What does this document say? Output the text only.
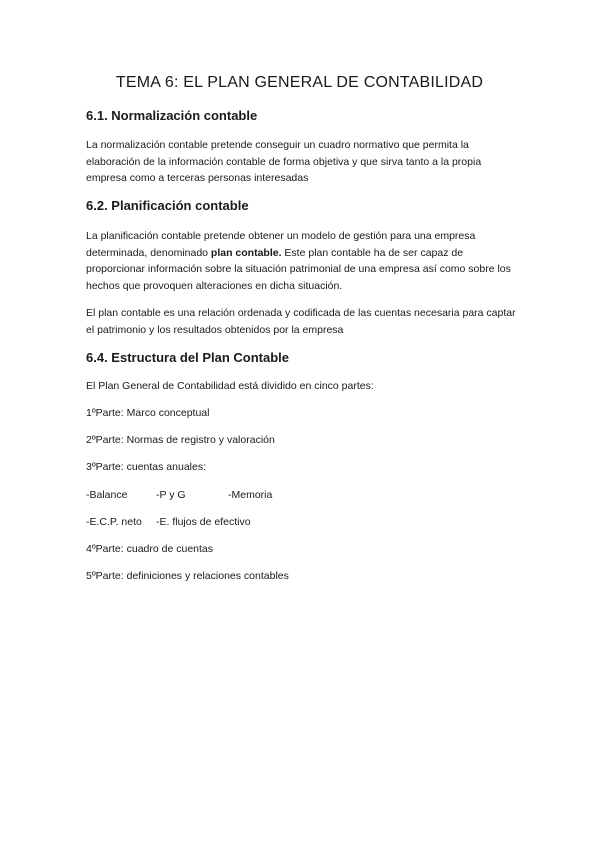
TEMA 6: EL PLAN GENERAL DE CONTABILIDAD
6.1. Normalización contable
La normalización contable pretende conseguir un cuadro normativo que permita la elaboración de la información contable de forma objetiva y que sirva tanto a la propia empresa como a terceras personas interesadas
6.2. Planificación contable
La planificación contable pretende obtener un modelo de gestión para una empresa determinada, denominado plan contable. Este plan contable ha de ser capaz de proporcionar información sobre la situación patrimonial de una empresa así como sobre los hechos que provoquen alteraciones en dicha situación.
El plan contable es una relación ordenada y codificada de las cuentas necesaria para captar el patrimonio y los resultados obtenidos por la empresa
6.4. Estructura del Plan Contable
El Plan General de Contabilidad está dividido en cinco partes:
1ºParte: Marco conceptual
2ºParte: Normas de registro y valoración
3ºParte: cuentas anuales:
-Balance	-P y G	-Memoria
-E.C.P. neto -E. flujos de efectivo
4ºParte: cuadro de cuentas
5ºParte: definiciones y relaciones contables
